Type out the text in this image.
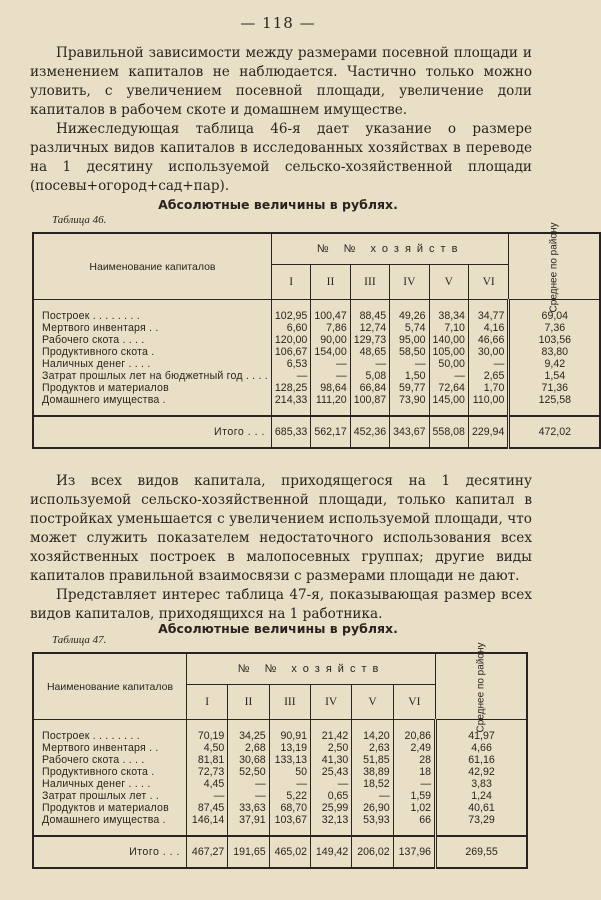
— 118 —

Правильной зависимости между размерами посевной площади и изменением капиталов не наблюдается. Частично только можно уловить, с увеличением посевной площади, увеличение доли капиталов в рабочем скоте и домашнем имуществе.

Нижеследующая таблица 46-я дает указание о размере различных видов капиталов в исследованных хозяйствах в переводе на 1 десятину используемой сельско-хозяйственной площади (посевы+огород+сад+пар).

Абсолютные величины в рублях.
Таблица 46.
Наименование капиталов	№ № хозяйств						Среднее по району
	I	II	III	IV	V	VI	

Построек . . . . . . . .	102,95	100,47	88,45	49,26	38,34	34,77	69,04
Мертвого инвентаря . .	6,60	7,86	12,74	5,74	7,10	4,16	7,36
Рабочего скота . . . .	120,00	90,00	129,73	95,00	140,00	46,66	103,56
Продуктивного скота .	106,67	154,00	48,65	58,50	105,00	30,00	83,80
Наличных денег . . . .	6,53	—	—	—	50,00	—	9,42
Затрат прошлых лет на бюджетный год . . . .	—	—	5,08	1,50	—	2,65	1,54
Продуктов и материалов	128,25	98,64	66,84	59,77	72,64	1,70	71,36
Домашнего имущества .	214,33	111,20	100,87	73,90	145,00	110,00	125,58

Итого . . .	685,33	562,17	452,36	343,67	558,08	229,94	472,02

Из всех видов капитала, приходящегося на 1 десятину используемой сельско-хозяйственной площади, только капитал в постройках уменьшается с увеличением используемой площади, что может служить показателем недостаточного использования всех хозяйственных построек в малопосевных группах; другие виды капиталов правильной взаимосвязи с размерами площади не дают.

Представляет интерес таблица 47-я, показывающая размер всех видов капиталов, приходящихся на 1 работника.

Абсолютные величины в рублях.
Таблица 47.
Наименование капиталов	№ № хозяйств						Среднее по району
	I	II	III	IV	V	VI	

Построек . . . . . . . .	70,19	34,25	90,91	21,42	14,20	20,86	41,97
Мертвого инвентаря . .	4,50	2,68	13,19	2,50	2,63	2,49	4,66
Рабочего скота . . . .	81,81	30,68	133,13	41,30	51,85	28	61,16
Продуктивного скота .	72,73	52,50	50	25,43	38,89	18	42,92
Наличных денег . . . .	4,45	—	—	—	18,52	—	3,83
Затрат прошлых лет . .	—	—	5,22	0,65	—	1,59	1,24
Продуктов и материалов	87,45	33,63	68,70	25,99	26,90	1,02	40,61
Домашнего имущества .	146,14	37,91	103,67	32,13	53,93	66	73,29

Итого . . .	467,27	191,65	465,02	149,42	206,02	137,96	269,55
